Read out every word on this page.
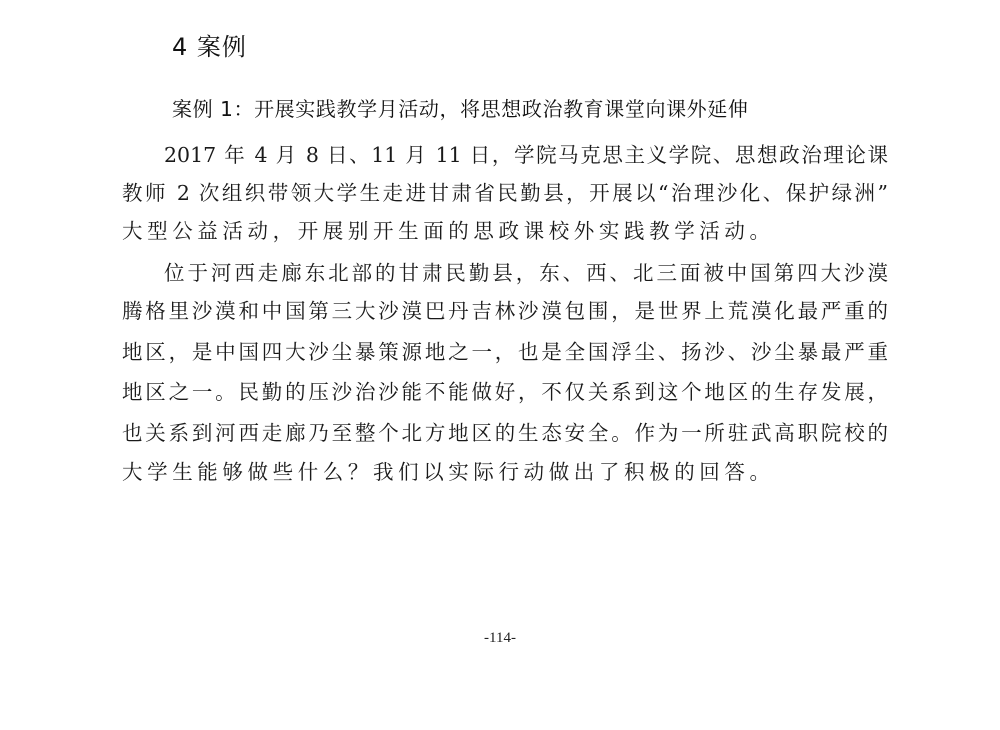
4 案例
案例 1：开展实践教学月活动，将思想政治教育课堂向课外延伸
2017 年 4 月 8 日、11 月 11 日，学院马克思主义学院、思想政治理论课
教师 2 次组织带领大学生走进甘肃省民勤县，开展以“治理沙化、保护绿洲”
大型公益活动，开展别开生面的思政课校外实践教学活动。
位于河西走廊东北部的甘肃民勤县，东、西、北三面被中国第四大沙漠
腾格里沙漠和中国第三大沙漠巴丹吉林沙漠包围，是世界上荒漠化最严重的
地区，是中国四大沙尘暴策源地之一，也是全国浮尘、扬沙、沙尘暴最严重
地区之一。民勤的压沙治沙能不能做好，不仅关系到这个地区的生存发展，
也关系到河西走廊乃至整个北方地区的生态安全。作为一所驻武高职院校的
大学生能够做些什么？我们以实际行动做出了积极的回答。
-114-
